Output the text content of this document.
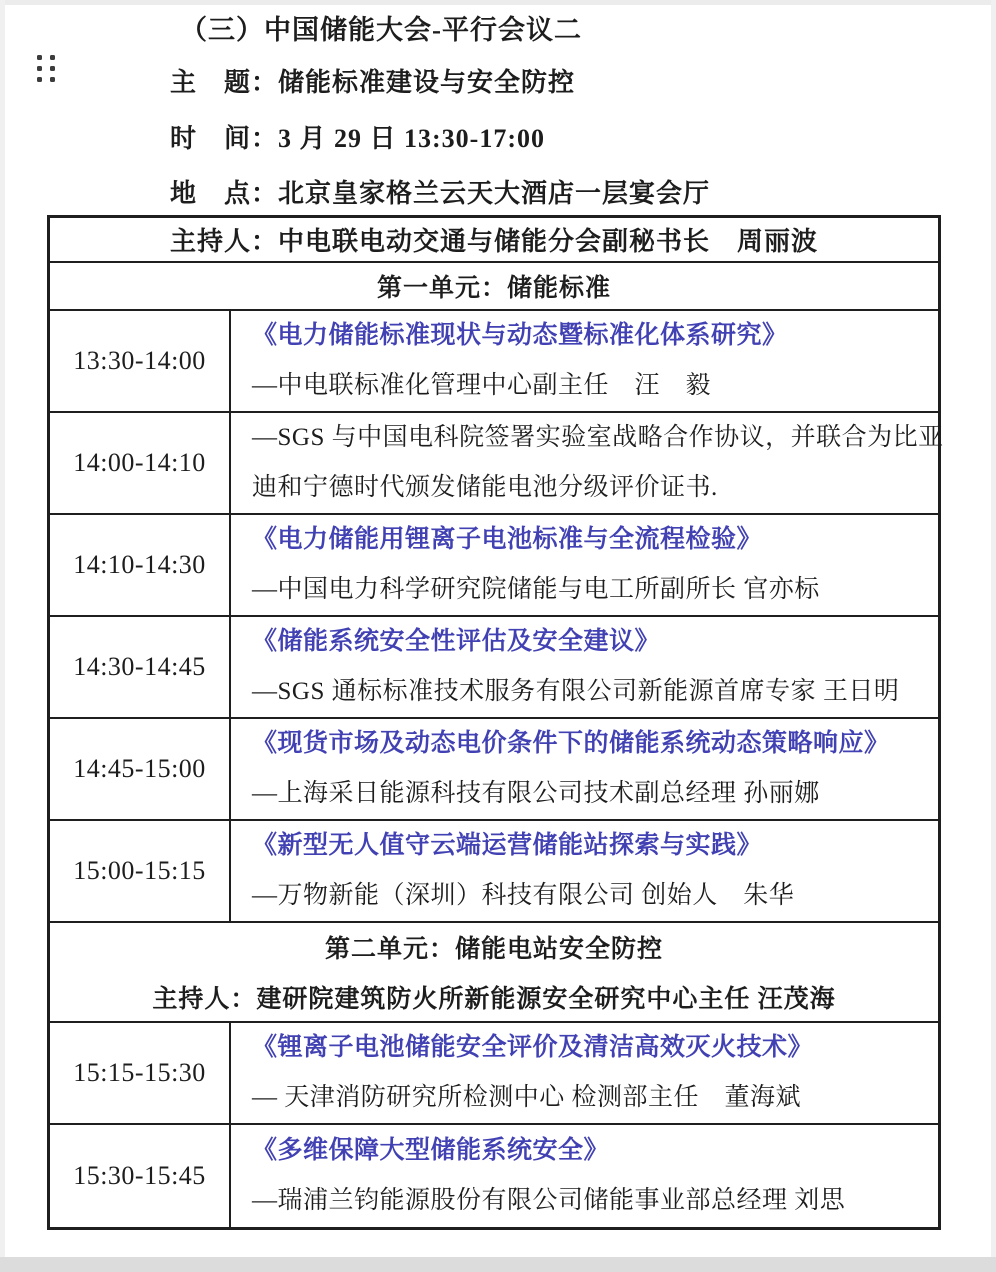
（三）中国储能大会-平行会议二
主　题：储能标准建设与安全防控
时　间：3 月 29 日 13:30-17:00
地　点：北京皇家格兰云天大酒店一层宴会厅
主持人：中电联电动交通与储能分会副秘书长　周丽波
第一单元：储能标准
13:30-14:00
《电力储能标准现状与动态暨标准化体系研究》
—中电联标准化管理中心副主任　汪　毅
14:00-14:10
—SGS 与中国电科院签署实验室战略合作协议，并联合为比亚
迪和宁德时代颁发储能电池分级评价证书.
14:10-14:30
《电力储能用锂离子电池标准与全流程检验》
—中国电力科学研究院储能与电工所副所长 官亦标
14:30-14:45
《储能系统安全性评估及安全建议》
—SGS 通标标准技术服务有限公司新能源首席专家 王日明
14:45-15:00
《现货市场及动态电价条件下的储能系统动态策略响应》
—上海采日能源科技有限公司技术副总经理 孙丽娜
15:00-15:15
《新型无人值守云端运营储能站探索与实践》
—万物新能（深圳）科技有限公司 创始人　朱华
第二单元：储能电站安全防控
主持人：建研院建筑防火所新能源安全研究中心主任 汪茂海
15:15-15:30
《锂离子电池储能安全评价及清洁高效灭火技术》
— 天津消防研究所检测中心 检测部主任　董海斌
15:30-15:45
《多维保障大型储能系统安全》
—瑞浦兰钧能源股份有限公司储能事业部总经理 刘思
